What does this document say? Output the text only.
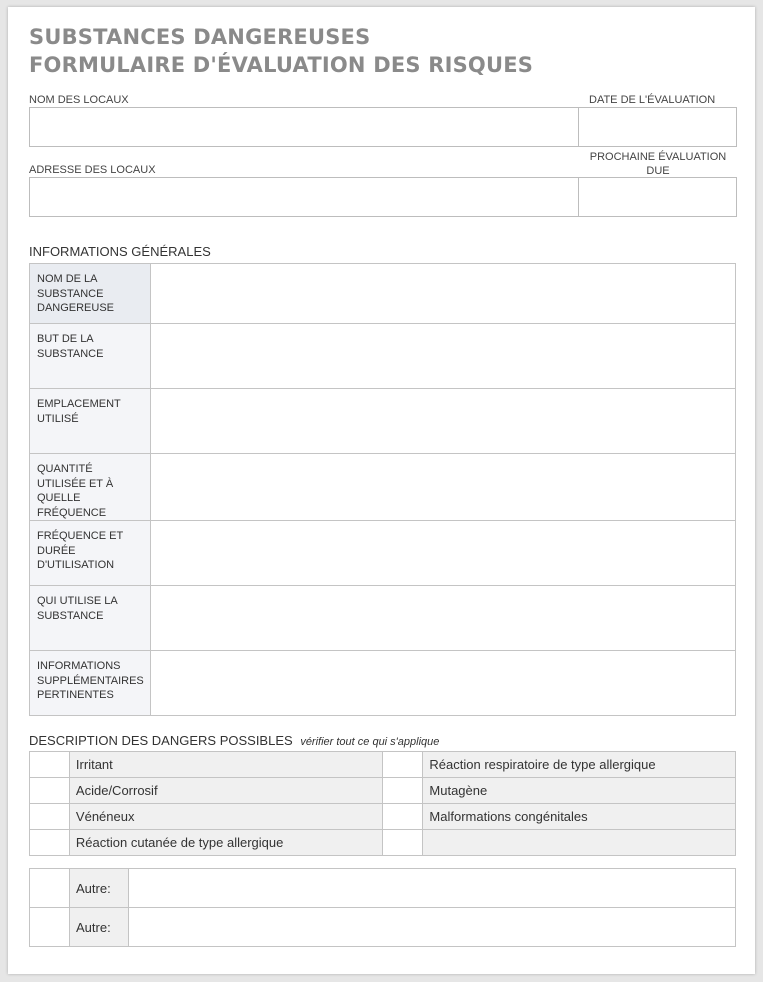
SUBSTANCES DANGEREUSES
FORMULAIRE D'ÉVALUATION DES RISQUES
NOM DES LOCAUX	DATE DE L'ÉVALUATION
PROCHAINE ÉVALUATION
DUE
ADRESSE DES LOCAUX
INFORMATIONS GÉNÉRALES
NOM DE LA SUBSTANCE DANGEREUSE	
BUT DE LA SUBSTANCE	
EMPLACEMENT UTILISÉ	
QUANTITÉ UTILISÉE ET À QUELLE FRÉQUENCE	
FRÉQUENCE ET DURÉE D'UTILISATION	
QUI UTILISE LA SUBSTANCE	
INFORMATIONS SUPPLÉMENTAIRES PERTINENTES	
DESCRIPTION DES DANGERS POSSIBLES vérifier tout ce qui s'applique
	Irritant		Réaction respiratoire de type allergique
	Acide/Corrosif		Mutagène
	Vénéneux		Malformations congénitales
	Réaction cutanée de type allergique		
	Autre:	
	Autre:	
